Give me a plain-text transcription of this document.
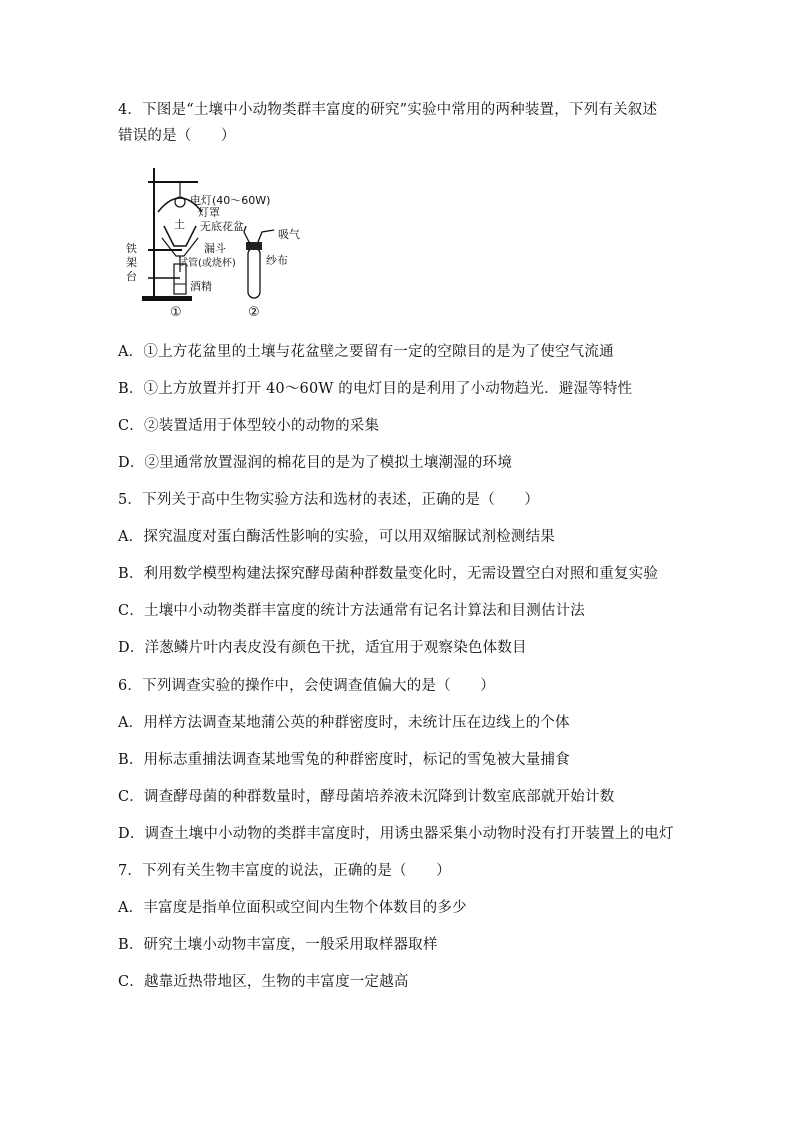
4．下图是“土壤中小动物类群丰富度的研究”实验中常用的两种装置，下列有关叙述
错误的是（　　）
电灯(40～60W)
灯罩
土 无底花盆
漏斗
试管(或烧杯)
酒精
铁
架
台
吸气
纱布
①	②
A．①上方花盆里的土壤与花盆壁之要留有一定的空隙目的是为了使空气流通
B．①上方放置并打开 40～60W 的电灯目的是利用了小动物趋光．避湿等特性
C．②装置适用于体型较小的动物的采集
D．②里通常放置湿润的棉花目的是为了模拟土壤潮湿的环境
5．下列关于高中生物实验方法和选材的表述，正确的是（　　）
A．探究温度对蛋白酶活性影响的实验，可以用双缩脲试剂检测结果
B．利用数学模型构建法探究酵母菌种群数量变化时，无需设置空白对照和重复实验
C．土壤中小动物类群丰富度的统计方法通常有记名计算法和目测估计法
D．洋葱鳞片叶内表皮没有颜色干扰，适宜用于观察染色体数目
6．下列调查实验的操作中，会使调查值偏大的是（　　）
A．用样方法调查某地蒲公英的种群密度时，未统计压在边线上的个体
B．用标志重捕法调查某地雪兔的种群密度时，标记的雪兔被大量捕食
C．调查酵母菌的种群数量时，酵母菌培养液未沉降到计数室底部就开始计数
D．调查土壤中小动物的类群丰富度时，用诱虫器采集小动物时没有打开装置上的电灯
7．下列有关生物丰富度的说法，正确的是（　　）
A．丰富度是指单位面积或空间内生物个体数目的多少
B．研究土壤小动物丰富度，一般采用取样器取样
C．越靠近热带地区，生物的丰富度一定越高
